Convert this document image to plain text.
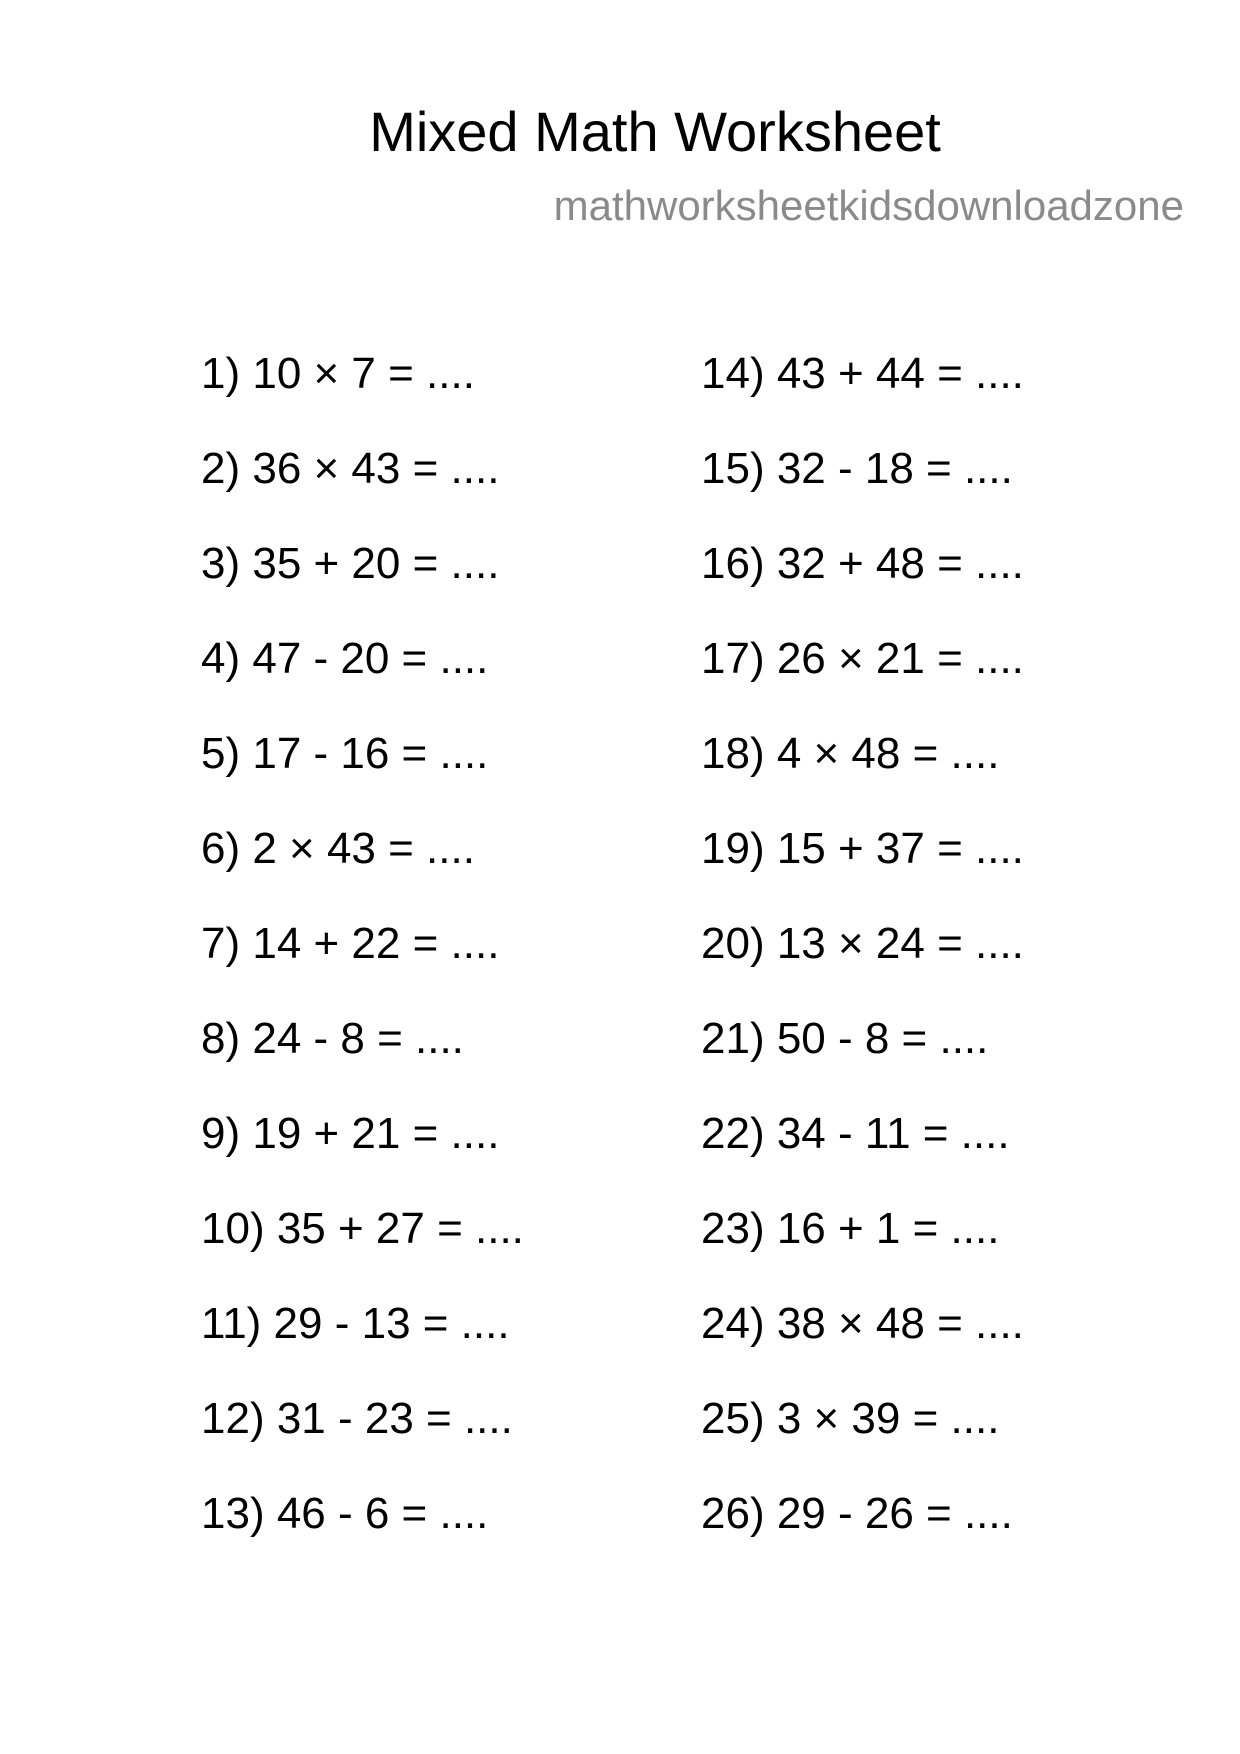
Mixed Math Worksheet
mathworksheetkidsdownloadzone
1) 10 × 7 = ....
2) 36 × 43 = ....
3) 35 + 20 = ....
4) 47 - 20 = ....
5) 17 - 16 = ....
6) 2 × 43 = ....
7) 14 + 22 = ....
8) 24 - 8 = ....
9) 19 + 21 = ....
10) 35 + 27 = ....
11) 29 - 13 = ....
12) 31 - 23 = ....
13) 46 - 6 = ....
14) 43 + 44 = ....
15) 32 - 18 = ....
16) 32 + 48 = ....
17) 26 × 21 = ....
18) 4 × 48 = ....
19) 15 + 37 = ....
20) 13 × 24 = ....
21) 50 - 8 = ....
22) 34 - 11 = ....
23) 16 + 1 = ....
24) 38 × 48 = ....
25) 3 × 39 = ....
26) 29 - 26 = ....
